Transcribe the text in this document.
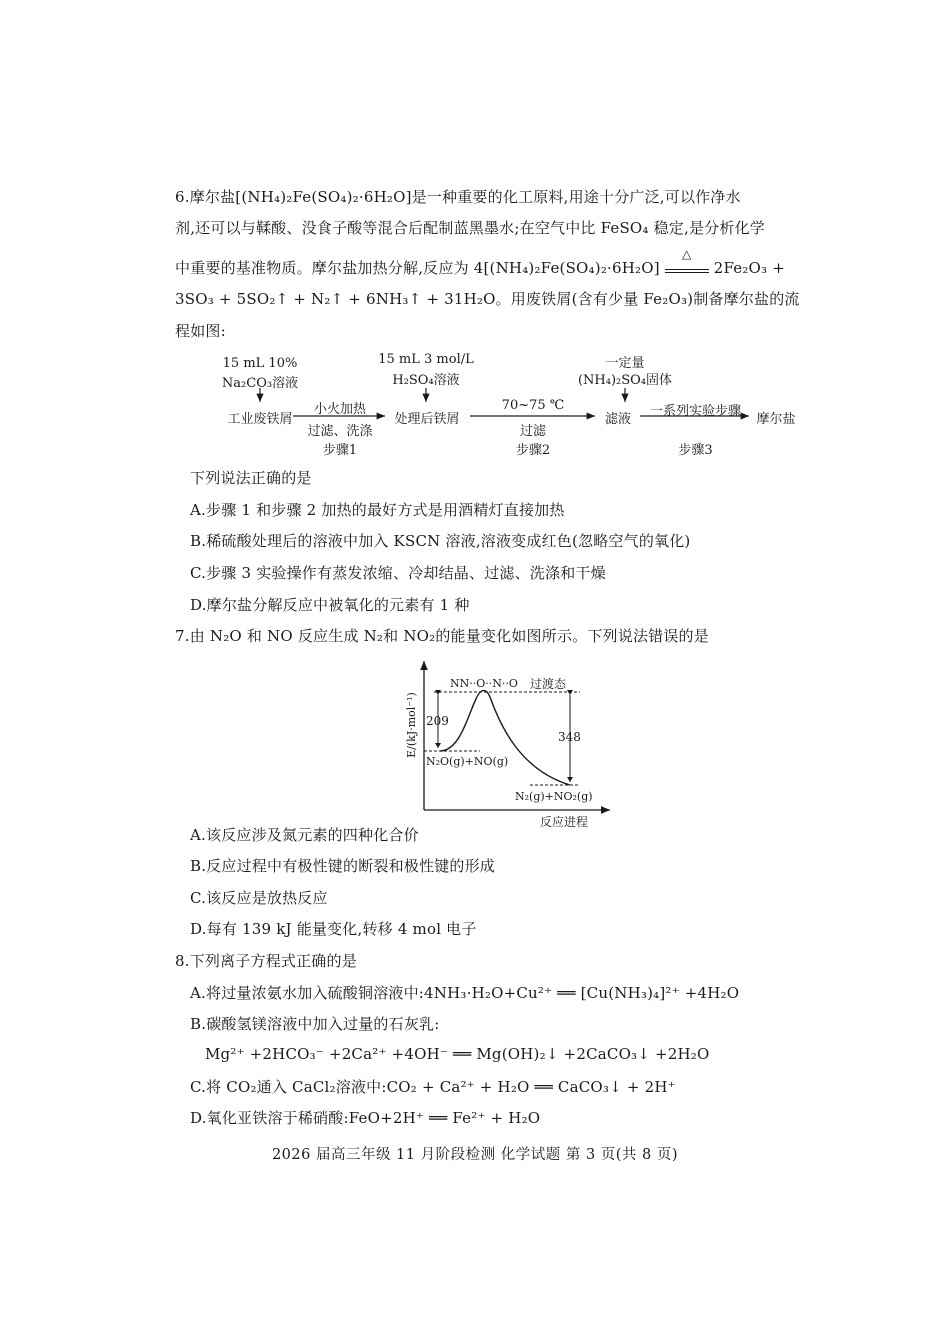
6.摩尔盐[(NH₄)₂Fe(SO₄)₂·6H₂O]是一种重要的化工原料,用途十分广泛,可以作净水
剂,还可以与鞣酸、没食子酸等混合后配制蓝黑墨水;在空气中比 FeSO₄ 稳定,是分析化学
中重要的基准物质。摩尔盐加热分解,反应为 4[(NH₄)₂Fe(SO₄)₂·6H₂O]
△
2Fe₂O₃ +
3SO₃ + 5SO₂↑ + N₂↑ + 6NH₃↑ + 31H₂O。用废铁屑(含有少量 Fe₂O₃)制备摩尔盐的流
程如图:
15 mL 10%
Na₂CO₃溶液
15 mL 3 mol/L
H₂SO₄溶液
一定量
(NH₄)₂SO₄固体
工业废铁屑
小火加热
过滤、洗涤
步骤1
处理后铁屑
70~75 ℃
过滤
步骤2
滤液
一系列实验步骤
步骤3
摩尔盐
下列说法正确的是
A.步骤 1 和步骤 2 加热的最好方式是用酒精灯直接加热
B.稀硫酸处理后的溶液中加入 KSCN 溶液,溶液变成红色(忽略空气的氧化)
C.步骤 3 实验操作有蒸发浓缩、冷却结晶、过滤、洗涤和干燥
D.摩尔盐分解反应中被氧化的元素有 1 种
7.由 N₂O 和 NO 反应生成 N₂和 NO₂的能量变化如图所示。下列说法错误的是
E/(kJ·mol⁻¹)
NN··O··N··O 过渡态
209
348
N₂O(g)+NO(g)
N₂(g)+NO₂(g)
反应进程
A.该反应涉及氮元素的四种化合价
B.反应过程中有极性键的断裂和极性键的形成
C.该反应是放热反应
D.每有 139 kJ 能量变化,转移 4 mol 电子
8.下列离子方程式正确的是
A.将过量浓氨水加入硫酸铜溶液中:4NH₃·H₂O+Cu²⁺ ══ [Cu(NH₃)₄]²⁺ +4H₂O
B.碳酸氢镁溶液中加入过量的石灰乳:
Mg²⁺ +2HCO₃⁻ +2Ca²⁺ +4OH⁻ ══ Mg(OH)₂↓ +2CaCO₃↓ +2H₂O
C.将 CO₂通入 CaCl₂溶液中:CO₂ + Ca²⁺ + H₂O ══ CaCO₃↓ + 2H⁺
D.氧化亚铁溶于稀硝酸:FeO+2H⁺ ══ Fe²⁺ + H₂O
2026 届高三年级 11 月阶段检测 化学试题 第 3 页(共 8 页)
